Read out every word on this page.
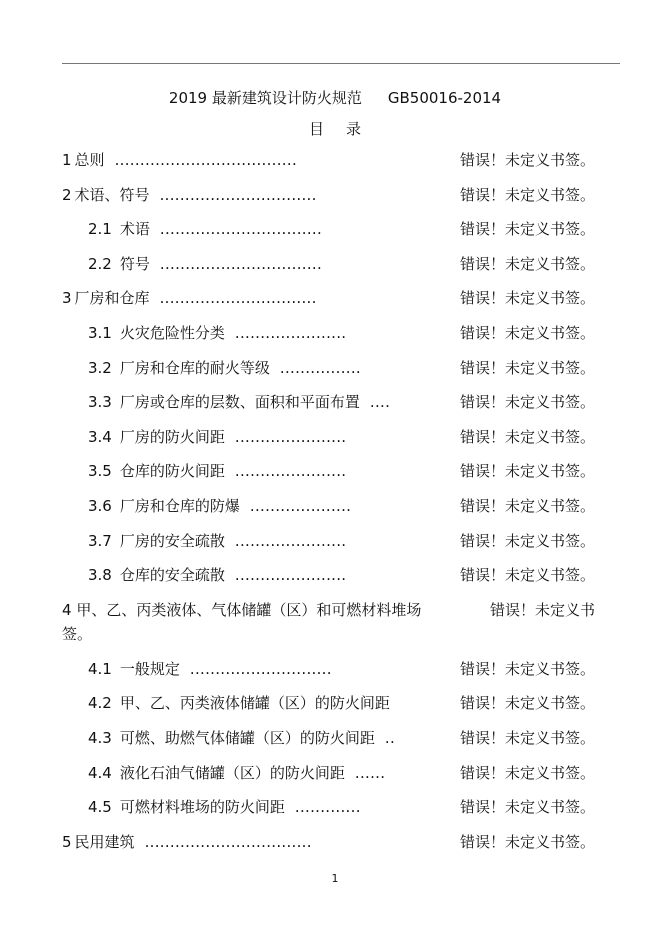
2019 最新建筑设计防火规范 GB50016-2014
目录
1 总则 ....................................	错误！未定义书签。
2 术语、符号 ...............................	错误！未定义书签。
2.1 术语 ................................	错误！未定义书签。
2.2 符号 ................................	错误！未定义书签。
3 厂房和仓库 ...............................	错误！未定义书签。
3.1 火灾危险性分类 ......................	错误！未定义书签。
3.2 厂房和仓库的耐火等级 ................	错误！未定义书签。
3.3 厂房或仓库的层数、面积和平面布置 ....	错误！未定义书签。
3.4 厂房的防火间距 ......................	错误！未定义书签。
3.5 仓库的防火间距 ......................	错误！未定义书签。
3.6 厂房和仓库的防爆 ....................	错误！未定义书签。
3.7 厂房的安全疏散 ......................	错误！未定义书签。
3.8 仓库的安全疏散 ......................	错误！未定义书签。
4 甲、乙、丙类液体、气体储罐（区）和可燃材料堆场	错误！未定义书签。
4.1 一般规定 ............................	错误！未定义书签。
4.2 甲、乙、丙类液体储罐（区）的防火间距	错误！未定义书签。
4.3 可燃、助燃气体储罐（区）的防火间距 ..	错误！未定义书签。
4.4 液化石油气储罐（区）的防火间距 ......	错误！未定义书签。
4.5 可燃材料堆场的防火间距 .............	错误！未定义书签。
5 民用建筑 .................................	错误！未定义书签。
1
